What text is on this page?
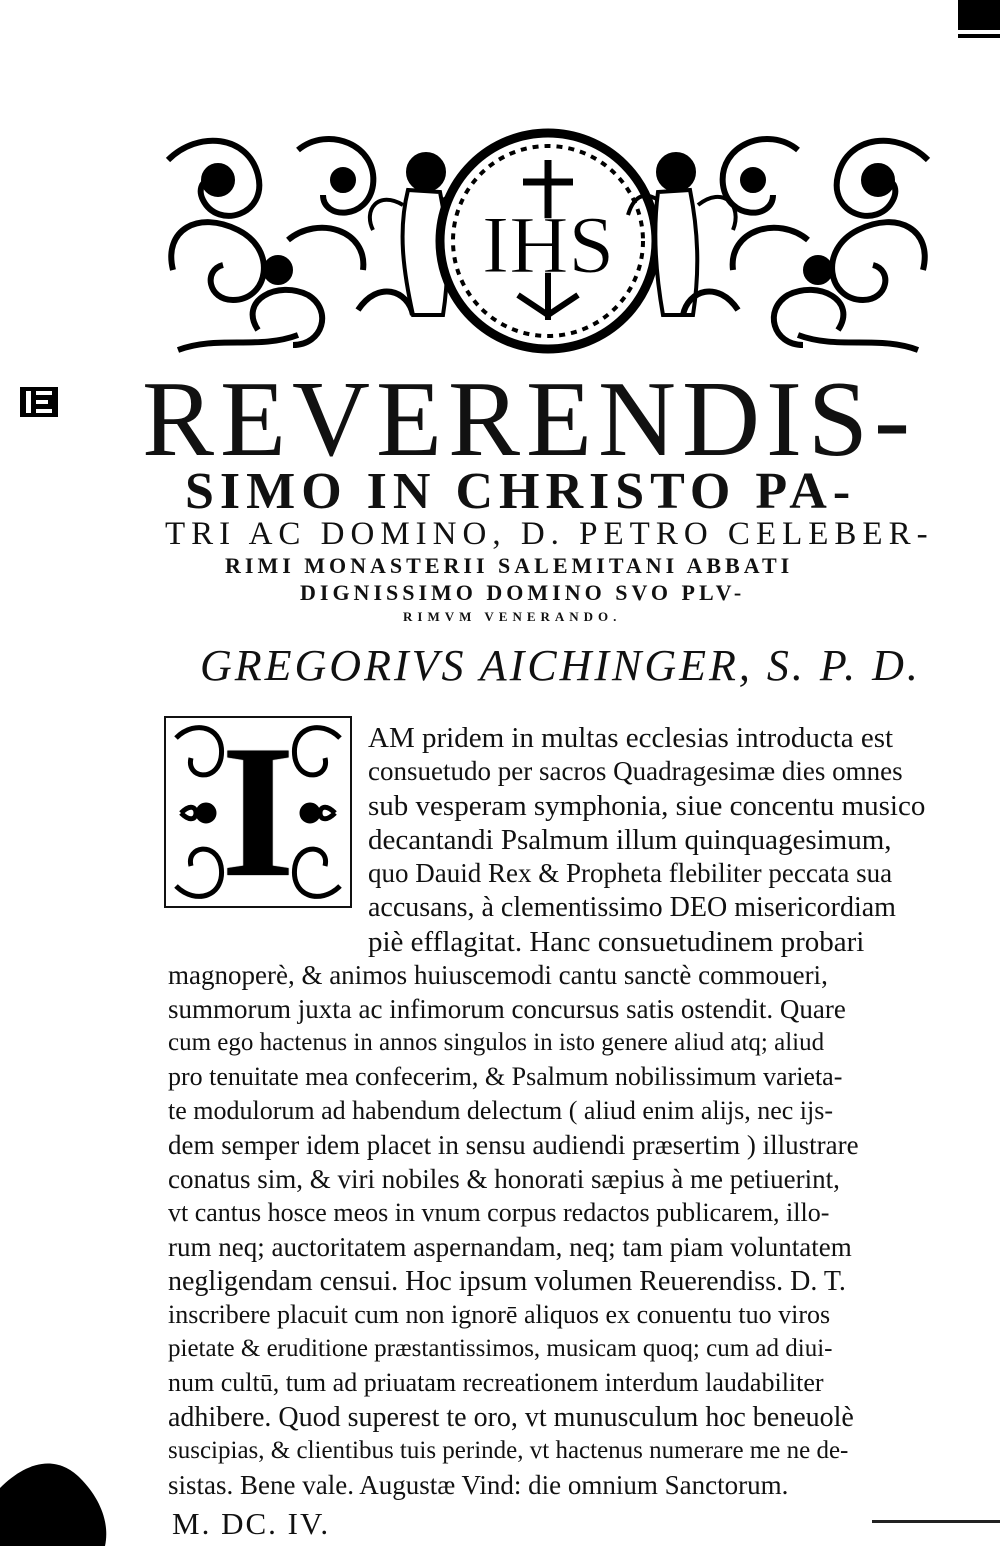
IHS
REVERENDIS-
SIMO IN CHRISTO PA-
TRI AC DOMINO, D. PETRO CELEBER-
RIMI MONASTERII SALEMITANI ABBATI
DIGNISSIMO DOMINO SVO PLV-
RIMVM VENERANDO.
GREGORIVS AICHINGER, S. P. D.
I	AM pridem in multas ecclesias introducta est

consuetudo per sacros Quadragesimæ dies omnes

sub vesperam symphonia, siue concentu musico

decantandi Psalmum illum quinquagesimum,

quo Dauid Rex & Propheta flebiliter peccata sua

accusans, à clementissimo DEO misericordiam

piè efflagitat. Hanc consuetudinem probari

magnoperè, & animos huiuscemodi cantu sanctè commoueri,

summorum juxta ac infimorum concursus satis ostendit. Quare

cum ego hactenus in annos singulos in isto genere aliud atq; aliud

pro tenuitate mea confecerim, & Psalmum nobilissimum varieta-

te modulorum ad habendum delectum ( aliud enim alijs, nec ijs-

dem semper idem placet in sensu audiendi præsertim ) illustrare

conatus sim, & viri nobiles & honorati sæpius à me petiuerint,

vt cantus hosce meos in vnum corpus redactos publicarem, illo-

rum neq; auctoritatem aspernandam, neq; tam piam voluntatem

negligendam censui. Hoc ipsum volumen Reuerendiss. D. T.

inscribere placuit cum non ignorē aliquos ex conuentu tuo viros

pietate & eruditione præstantissimos, musicam quoq; cum ad diui-

num cultū, tum ad priuatam recreationem interdum laudabiliter

adhibere. Quod superest te oro, vt munusculum hoc beneuolè

suscipias, & clientibus tuis perinde, vt hactenus numerare me ne de-

sistas. Bene vale. Augustæ Vind: die omnium Sanctorum.

M. DC. IV.
